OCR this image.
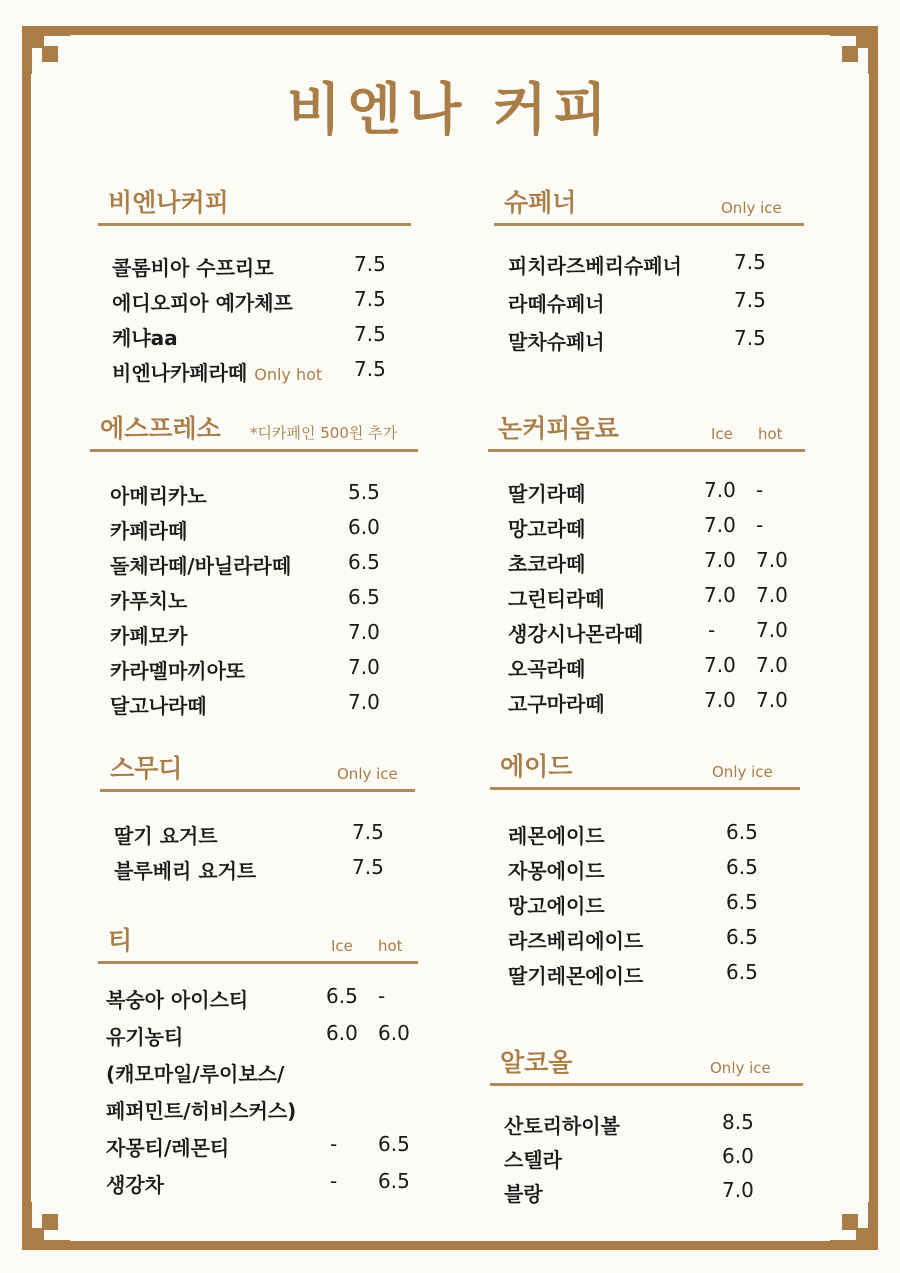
비엔나 커피
비엔나커피
콜롬비아 수프리모	7.5
에디오피아 예가체프	7.5
케냐aa	7.5
비엔나카페라떼 Only hot 7.5
에스프레소 *디카페인 500원 추가
아메리카노	5.5
카페라떼	6.0
돌체라떼/바닐라라떼	6.5
카푸치노	6.5
카페모카	7.0
카라멜마끼아또	7.0
달고나라떼	7.0
스무디	Only ice
딸기 요거트	7.5
블루베리 요거트	7.5
티	Ice hot
복숭아 아이스티	6.5 -
유기농티	6.0 6.0
(캐모마일/루이보스/
페퍼민트/히비스커스)
자몽티/레몬티	- 6.5
생강차	- 6.5
슈페너	Only ice
피치라즈베리슈페너	7.5
라떼슈페너	7.5
말차슈페너	7.5
논커피음료	Ice hot
딸기라떼	7.0 -
망고라떼	7.0 -
초코라떼	7.0 7.0
그린티라떼	7.0 7.0
생강시나몬라떼	- 7.0
오곡라떼	7.0 7.0
고구마라떼	7.0 7.0
에이드	Only ice
레몬에이드	6.5
자몽에이드	6.5
망고에이드	6.5
라즈베리에이드	6.5
딸기레몬에이드	6.5
알코올	Only ice
산토리하이볼	8.5
스텔라	6.0
블랑	7.0
